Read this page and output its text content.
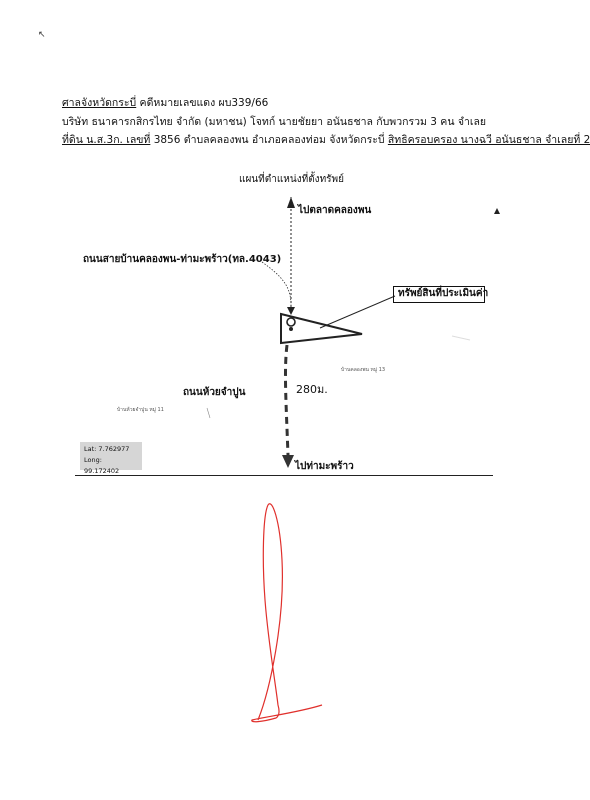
↖
ศาลจังหวัดกระบี่ คดีหมายเลขแดง ผบ339/66
บริษัท ธนาคารกสิกรไทย จำกัด (มหาชน) โจทก์ นายชัยยา อนันธชาล กับพวกรวม 3 คน จำเลย
ที่ดิน น.ส.3ก. เลขที่ 3856 ตำบลคลองพน อำเภอคลองท่อม จังหวัดกระบี่ สิทธิครอบครอง นางฉวี อนันธชาล จำเลยที่ 2
แผนที่ตำแหน่งที่ตั้งทรัพย์
ไปตลาดคลองพน
ถนนสายบ้านคลองพน-ท่ามะพร้าว(ทล.4043)
ทรัพย์สินที่ประเมินค่า
บ้านคลองพน หมู่ 13
280ม.
ถนนห้วยจำปูน
บ้านห้วยจำปูน หมู่ 11
Lat: 7.762977
Long: 99.172402	ไปท่ามะพร้าว
